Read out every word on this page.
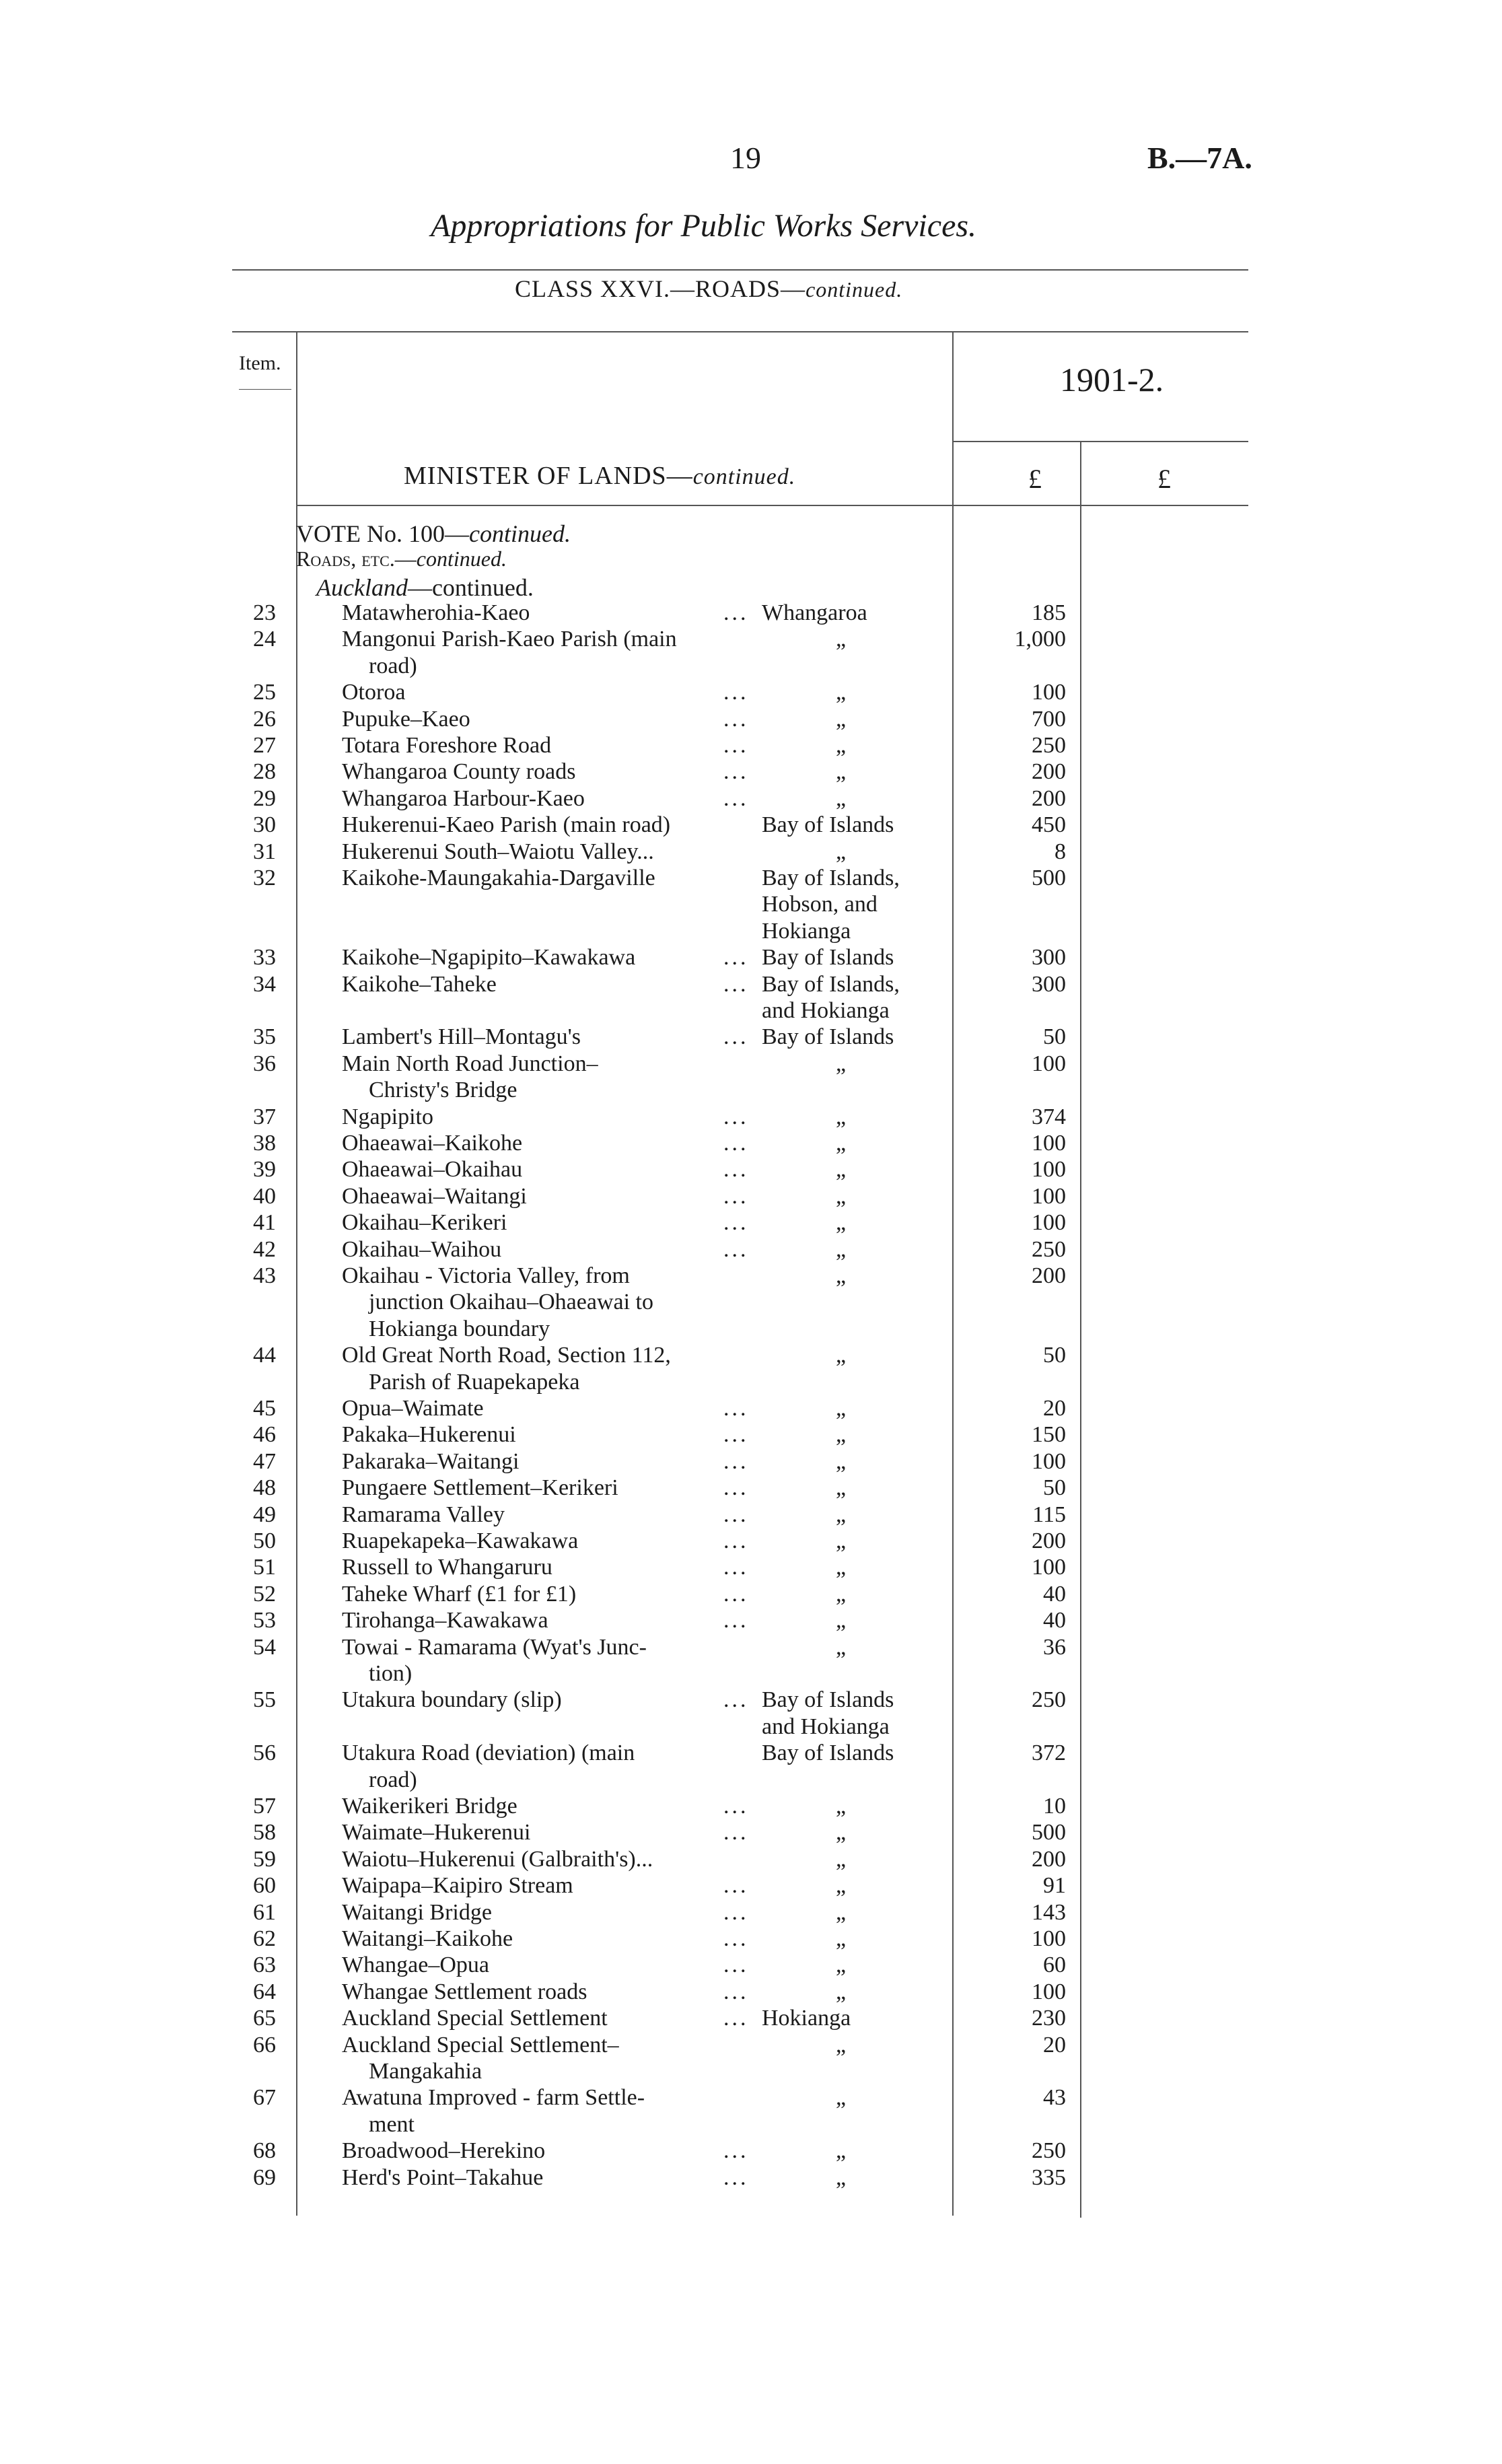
19	B.—7A.
Appropriations for Public Works Services.
CLASS XXVI.—ROADS—continued.
Item.	1901-2.
MINISTER OF LANDS—continued.	£	£
VOTE No. 100—continued.
Roads, etc.—continued.
Auckland—continued.
23	Matawherohia-Kaeo	... Whangaroa	185
24	Mangonui Parish-Kaeo Parish (main	„	1,000
road)
25	Otoroa	...	„	100
26	Pupuke–Kaeo	...	„	700
27	Totara Foreshore Road	...	„	250
28	Whangaroa County roads	...	„	200
29	Whangaroa Harbour-Kaeo	...	„	200
30	Hukerenui-Kaeo Parish (main road)	Bay of Islands	450
31	Hukerenui South–Waiotu Valley...	„	8
32	Kaikohe-Maungakahia-Dargaville	Bay of Islands,	500
Hobson, and
Hokianga
33	Kaikohe–Ngapipito–Kawakawa	... Bay of Islands	300
34	Kaikohe–Taheke	... Bay of Islands,	300
and Hokianga
35	Lambert's Hill–Montagu's	... Bay of Islands	50
36	Main North Road Junction–	„	100
Christy's Bridge
37	Ngapipito	...	„	374
38	Ohaeawai–Kaikohe	...	„	100
39	Ohaeawai–Okaihau	...	„	100
40	Ohaeawai–Waitangi	...	„	100
41	Okaihau–Kerikeri	...	„	100
42	Okaihau–Waihou	...	„	250
43	Okaihau - Victoria Valley, from	„	200
junction Okaihau–Ohaeawai to
Hokianga boundary
44	Old Great North Road, Section 112,	„	50
Parish of Ruapekapeka
45	Opua–Waimate	...	„	20
46	Pakaka–Hukerenui	...	„	150
47	Pakaraka–Waitangi	...	„	100
48	Pungaere Settlement–Kerikeri	...	„	50
49	Ramarama Valley	...	„	115
50	Ruapekapeka–Kawakawa	...	„	200
51	Russell to Whangaruru	...	„	100
52	Taheke Wharf (£1 for £1)	...	„	40
53	Tirohanga–Kawakawa	...	„	40
54	Towai - Ramarama (Wyat's Junc-	„	36
tion)
55	Utakura boundary (slip)	... Bay of Islands	250
and Hokianga
56	Utakura Road (deviation) (main	Bay of Islands	372
road)
57	Waikerikeri Bridge	...	„	10
58	Waimate–Hukerenui	...	„	500
59	Waiotu–Hukerenui (Galbraith's)...	„	200
60	Waipapa–Kaipiro Stream	...	„	91
61	Waitangi Bridge	...	„	143
62	Waitangi–Kaikohe	...	„	100
63	Whangae–Opua	...	„	60
64	Whangae Settlement roads	...	„	100
65	Auckland Special Settlement	... Hokianga	230
66	Auckland Special Settlement–	„	20
Mangakahia
67	Awatuna Improved - farm Settle-	„	43
ment
68	Broadwood–Herekino	...	„	250
69	Herd's Point–Takahue	...	„	335
